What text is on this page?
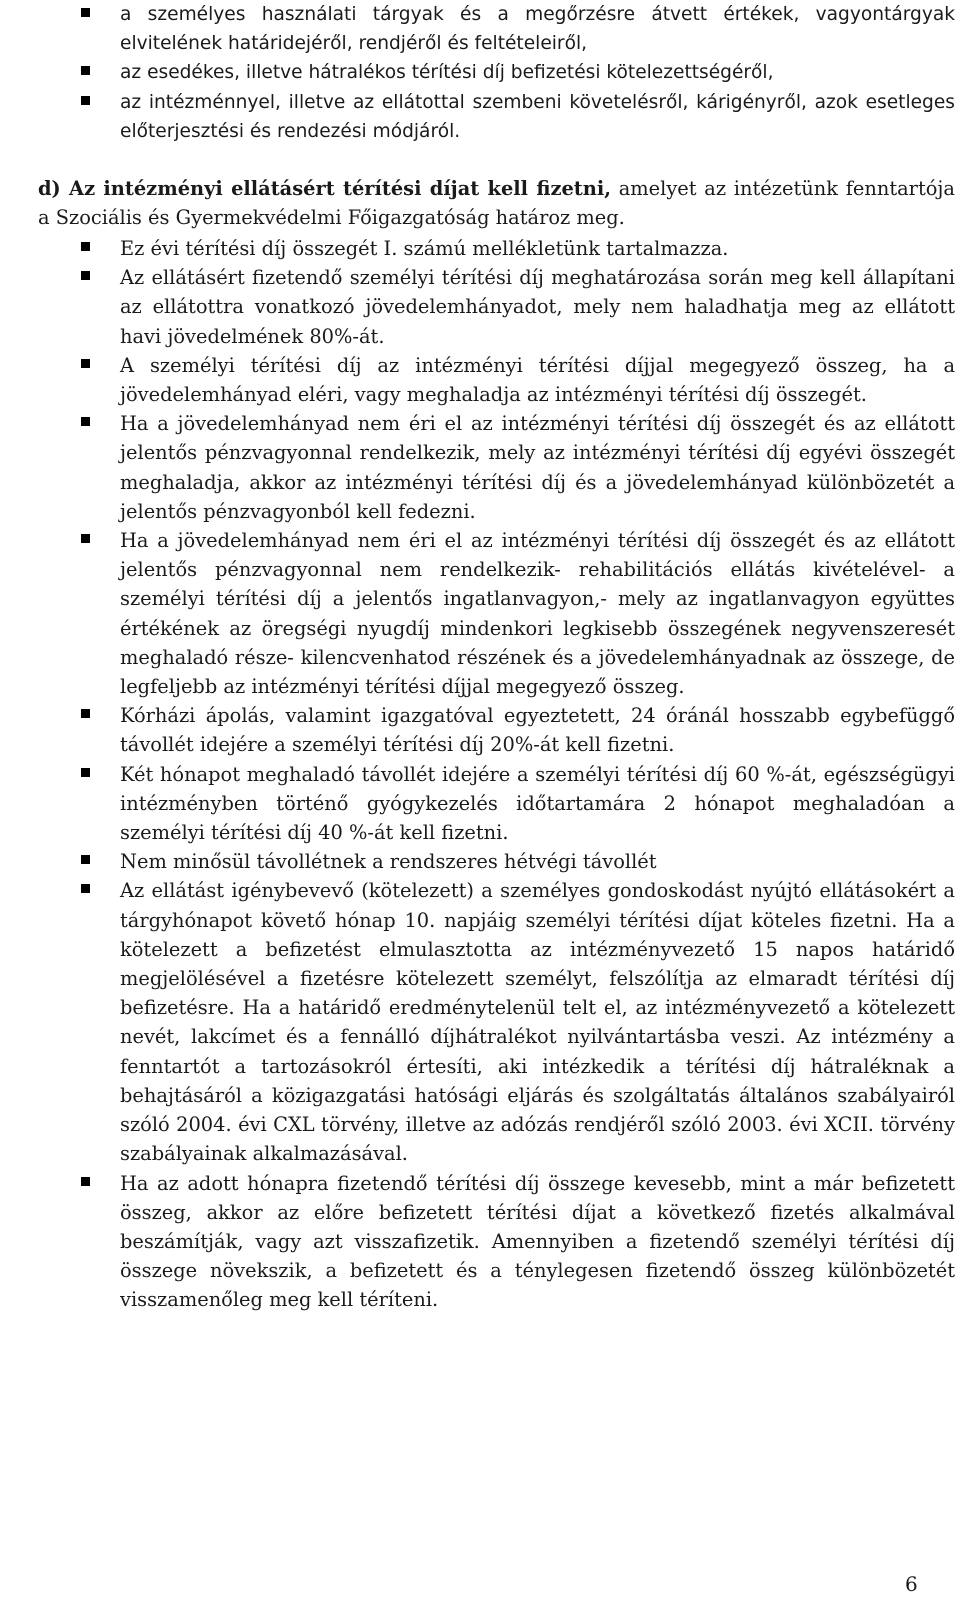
a személyes használati tárgyak és a megőrzésre átvett értékek, vagyontárgyak elvitelének határidejéről, rendjéről és feltételeiről,
az esedékes, illetve hátralékos térítési díj befizetési kötelezettségéről,
az intézménnyel, illetve az ellátottal szembeni követelésről, kárigényről, azok esetleges előterjesztési és rendezési módjáról.

d) Az intézményi ellátásért térítési díjat kell fizetni, amelyet az intézetünk fenntartója a Szociális és Gyermekvédelmi Főigazgatóság határoz meg.

Ez évi térítési díj összegét I. számú mellékletünk tartalmazza.
Az ellátásért fizetendő személyi térítési díj meghatározása során meg kell állapítani az ellátottra vonatkozó jövedelemhányadot, mely nem haladhatja meg az ellátott havi jövedelmének 80%-át.
A személyi térítési díj az intézményi térítési díjjal megegyező összeg, ha a jövedelemhányad eléri, vagy meghaladja az intézményi térítési díj összegét.
Ha a jövedelemhányad nem éri el az intézményi térítési díj összegét és az ellátott jelentős pénzvagyonnal rendelkezik, mely az intézményi térítési díj egyévi összegét meghaladja, akkor az intézményi térítési díj és a jövedelemhányad különbözetét a jelentős pénzvagyonból kell fedezni.
Ha a jövedelemhányad nem éri el az intézményi térítési díj összegét és az ellátott jelentős pénzvagyonnal nem rendelkezik- rehabilitációs ellátás kivételével- a személyi térítési díj a jelentős ingatlanvagyon,- mely az ingatlanvagyon együttes értékének az öregségi nyugdíj mindenkori legkisebb összegének negyvenszeresét meghaladó része- kilencvenhatod részének és a jövedelemhányadnak az összege, de legfeljebb az intézményi térítési díjjal megegyező összeg.
Kórházi ápolás, valamint igazgatóval egyeztetett, 24 óránál hosszabb egybefüggő távollét idejére a személyi térítési díj 20%-át kell fizetni.
Két hónapot meghaladó távollét idejére a személyi térítési díj 60 %-át, egészségügyi intézményben történő gyógykezelés időtartamára 2 hónapot meghaladóan a személyi térítési díj 40 %-át kell fizetni.
Nem minősül távollétnek a rendszeres hétvégi távollét
Az ellátást igénybevevő (kötelezett) a személyes gondoskodást nyújtó ellátásokért a tárgyhónapot követő hónap 10. napjáig személyi térítési díjat köteles fizetni. Ha a kötelezett a befizetést elmulasztotta az intézményvezető 15 napos határidő megjelölésével a fizetésre kötelezett személyt, felszólítja az elmaradt térítési díj befizetésre. Ha a határidő eredménytelenül telt el, az intézményvezető a kötelezett nevét, lakcímet és a fennálló díjhátralékot nyilvántartásba veszi. Az intézmény a fenntartót a tartozásokról értesíti, aki intézkedik a térítési díj hátraléknak a behajtásáról a közigazgatási hatósági eljárás és szolgáltatás általános szabályairól szóló 2004. évi CXL törvény, illetve az adózás rendjéről szóló 2003. évi XCII. törvény szabályainak alkalmazásával.
Ha az adott hónapra fizetendő térítési díj összege kevesebb, mint a már befizetett összeg, akkor az előre befizetett térítési díjat a következő fizetés alkalmával beszámítják, vagy azt visszafizetik. Amennyiben a fizetendő személyi térítési díj összege növekszik, a befizetett és a ténylegesen fizetendő összeg különbözetét visszamenőleg meg kell téríteni.
6
